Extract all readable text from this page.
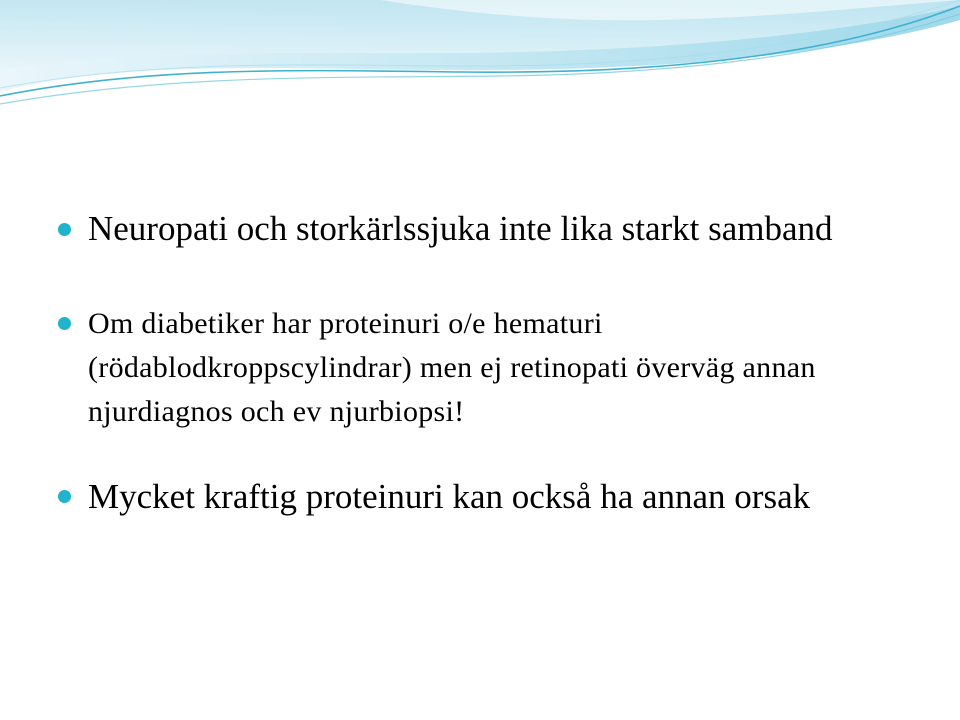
Neuropati och storkärlssjuka inte lika starkt samband
Om diabetiker har proteinuri o/e hematuri (rödablodkroppscylindrar) men ej retinopati överväg annan njurdiagnos och ev njurbiopsi!
Mycket kraftig proteinuri kan också ha annan orsak
